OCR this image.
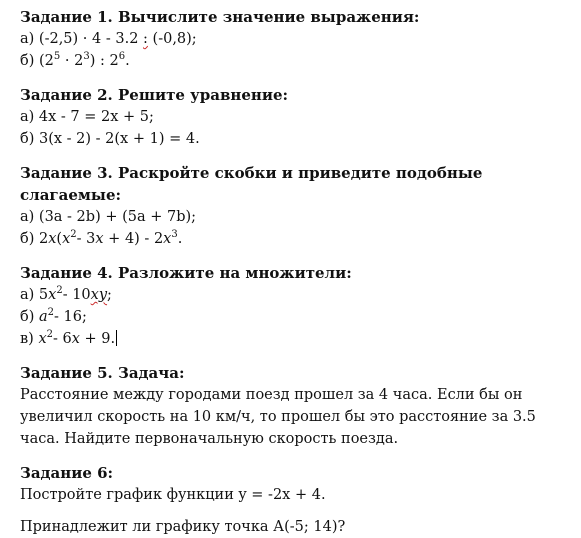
Задание 1. Вычислите значение выражения:

а) (-2,5) · 4 - 3.2 : (-0,8);

б) $(2^5 \cdot 2^3)$ : $2^6$.

Задание 2. Решите уравнение:

а) 4x - 7 = 2x + 5;

б) 3(x - 2) - 2(x + 1) = 4.

Задание 3. Раскройте скобки и приведите подобные слагаемые:

а) (3a - 2b) + (5a + 7b);

б) $2x(x^2-$ $3x + 4) - 2x^3$.

Задание 4. Разложите на множители:

а) $5x^2-$ 10xy;

б) $a^2-$ 16;

в) $x^2-$ 6x + 9.

Задание 5. Задача:

Расстояние между городами поезд прошел за 4 часа. Если бы он увеличил скорость на 10 км/ч, то прошел бы это расстояние за 3.5 часа. Найдите первоначальную скорость поезда.

Задание 6:

Постройте график функции y = -2x + 4.

Принадлежит ли графику точка А(-5; 14)?
